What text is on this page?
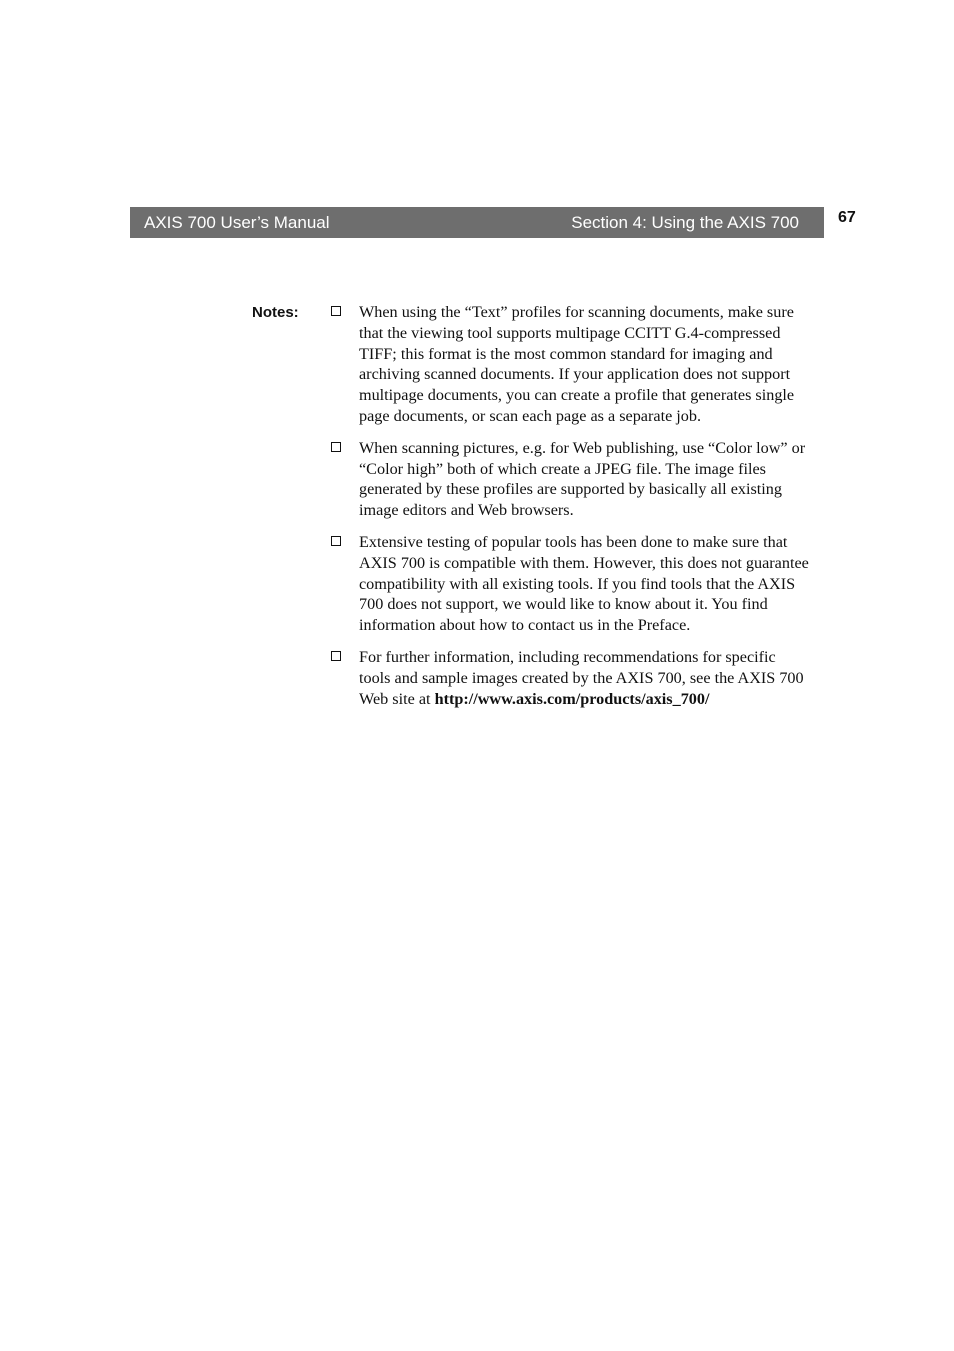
AXIS 700 User’s Manual	Section 4: Using the AXIS 700 67
Notes:	When using the “Text” profiles for scanning documents, make sure that the viewing tool supports multipage CCITT G.4-compressed TIFF; this format is the most common standard for imaging and archiving scanned documents. If your application does not support multipage documents, you can create a profile that generates single page documents, or scan each page as a separate job.
When scanning pictures, e.g. for Web publishing, use “Color low” or “Color high” both of which create a JPEG file. The image files generated by these profiles are supported by basically all existing image editors and Web browsers.
Extensive testing of popular tools has been done to make sure that AXIS 700 is compatible with them. However, this does not guarantee compatibility with all existing tools. If you find tools that the AXIS 700 does not support, we would like to know about it. You find information about how to contact us in the Preface.
For further information, including recommendations for specific tools and sample images created by the AXIS 700, see the AXIS 700 Web site at http://www.axis.com/products/axis_700/
